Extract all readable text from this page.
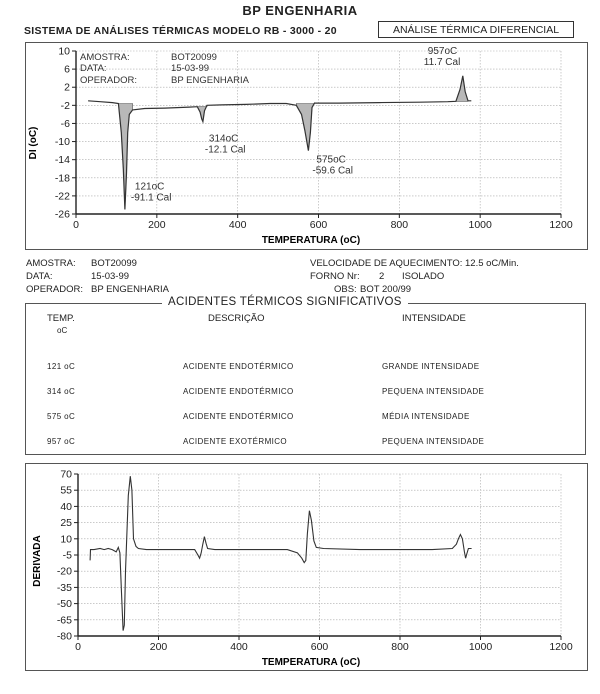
BP ENGENHARIA
SISTEMA DE ANÁLISES TÉRMICAS MODELO RB - 3000 - 20	ANÁLISE TÉRMICA DIFERENCIAL
10
6
2
-2
-6
-10
-14
-18
-22
-26
0	200	400	600	800	1000	1200
DI (oC)
TEMPERATURA (oC)
AMOSTRA:	BOT20099
DATA:	15-03-99
OPERADOR:	BP ENGENHARIA
121oC
-91.1 Cal
314oC
-12.1 Cal
575oC
-59.6 Cal
957oC
11.7 Cal
AMOSTRA: BOT20099
DATA:	15-03-99
OPERADOR: BP ENGENHARIA
VELOCIDADE DE AQUECIMENTO: 12.5 oC/Min.
FORNO Nr: 2 ISOLADO
OBS: BOT 200/99
ACIDENTES TÉRMICOS SIGNIFICATIVOS
TEMP.
oC
DESCRIÇÃO	INTENSIDADE
121 oC	ACIDENTE ENDOTÉRMICO	GRANDE INTENSIDADE
314 oC	ACIDENTE ENDOTÉRMICO	PEQUENA INTENSIDADE
575 oC	ACIDENTE ENDOTÉRMICO	MÉDIA INTENSIDADE
957 oC	ACIDENTE EXOTÉRMICO	PEQUENA INTENSIDADE
70
55
40
25
10
-5
-20
-35
-50
-65
-80
0	200	400	600	800	1000	1200
DERIVADA
TEMPERATURA (oC)
